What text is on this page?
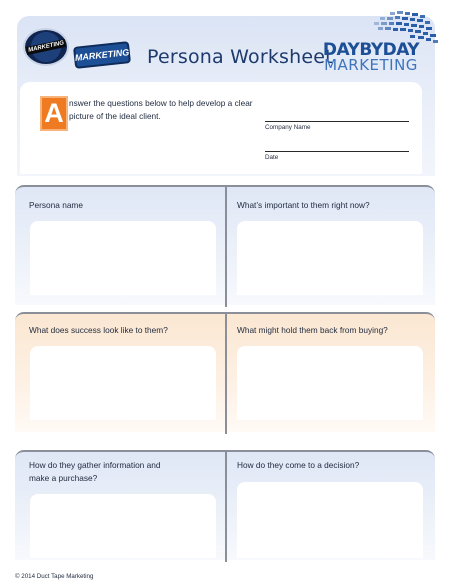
MARKETING
MARKETING Persona Worksheet
DAYBYDAY
MARKETING
A nswer the questions below to help develop a clear picture of the ideal client.
Company Name
Date
Persona name	What’s important to them right now?
What does success look like to them?	What might hold them back from buying?
How do they gather information and make a purchase?
How do they come to a decision?
© 2014 Duct Tape Marketing
